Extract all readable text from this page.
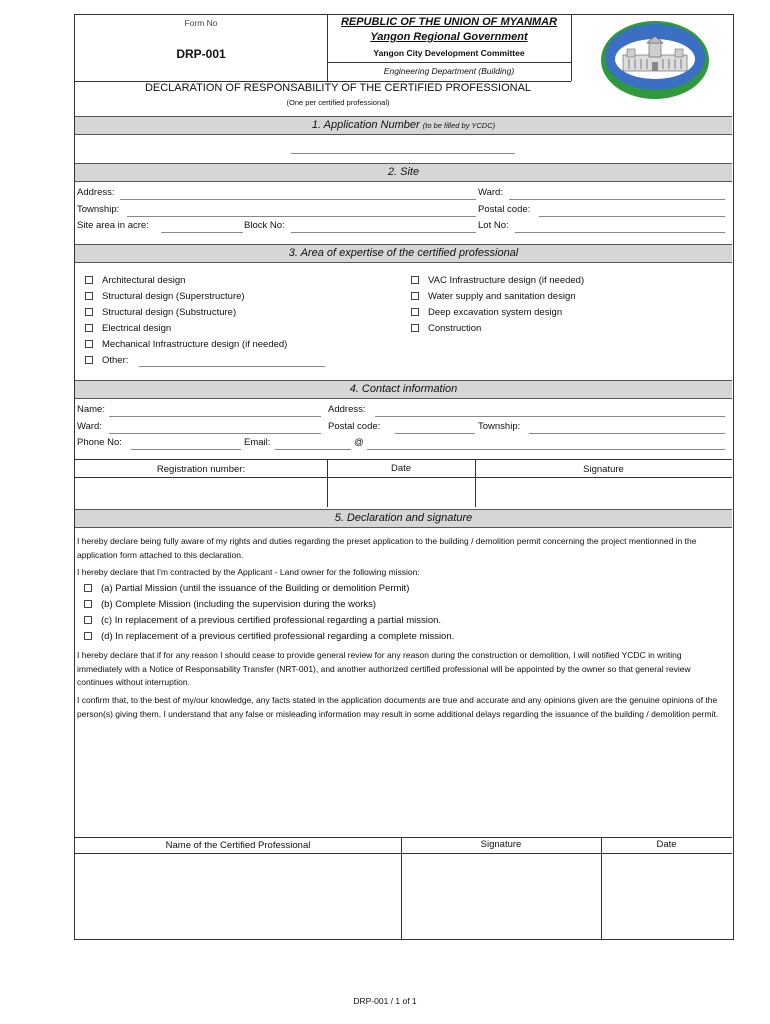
Form No
DRP-001
REPUBLIC OF THE UNION OF MYANMAR
Yangon Regional Government
Yangon City Development Committee
Engineering Department (Building)
DECLARATION OF RESPONSABILITY OF THE CERTIFIED PROFESSIONAL
(One per certified professional)
1. Application Number (to be filled by YCDC)
2. Site
Address:	Ward:
Township:	Postal code:
Site area in acre:	Block No:	Lot No:
3. Area of expertise of the certified professional
Architectural design
Structural design (Superstructure)
Structural design (Substructure)
Electrical design
Mechanical Infrastructure design (if needed)
Other:
VAC Infrastructure design (if needed)
Water supply and sanitation design
Deep excavation system design
Construction
4. Contact information
Name:	Address:
Ward:	Postal code:	Township:
Phone No:	Email:	@
Registration number:	Date	Signature
5. Declaration and signature
I hereby declare being fully aware of my rights and duties regarding the preset application to the building / demolition permit concerning the project mentionned in the application form attached to this declaration.
I hereby declare that I'm contracted by the Applicant - Land owner for the following mission:
(a) Partial Mission (until the issuance of the Building or demolition Permit)
(b) Complete Mission (including the supervision during the works)
(c) In replacement of a previous certified professional regarding a partial mission.
(d) In replacement of a previous certified professional regarding a complete mission.
I hereby declare that if for any reason I should cease to provide general review for any reason during the construction or demolition, I will notified YCDC in writing immediately with a Notice of Responsability Transfer (NRT-001), and another authorized certified professional will be appointed by the owner so that general review continues without interruption.
I confirm that, to the best of my/our knowledge, any facts stated in the application documents are true and accurate and any opinions given are the genuine opinions of the person(s) giving them. I understand that any false or misleading information may result in some additional delays regarding the issuance of the building / demolition permit.
Name of the Certified Professional	Signature	Date
DRP-001 / 1 of 1
